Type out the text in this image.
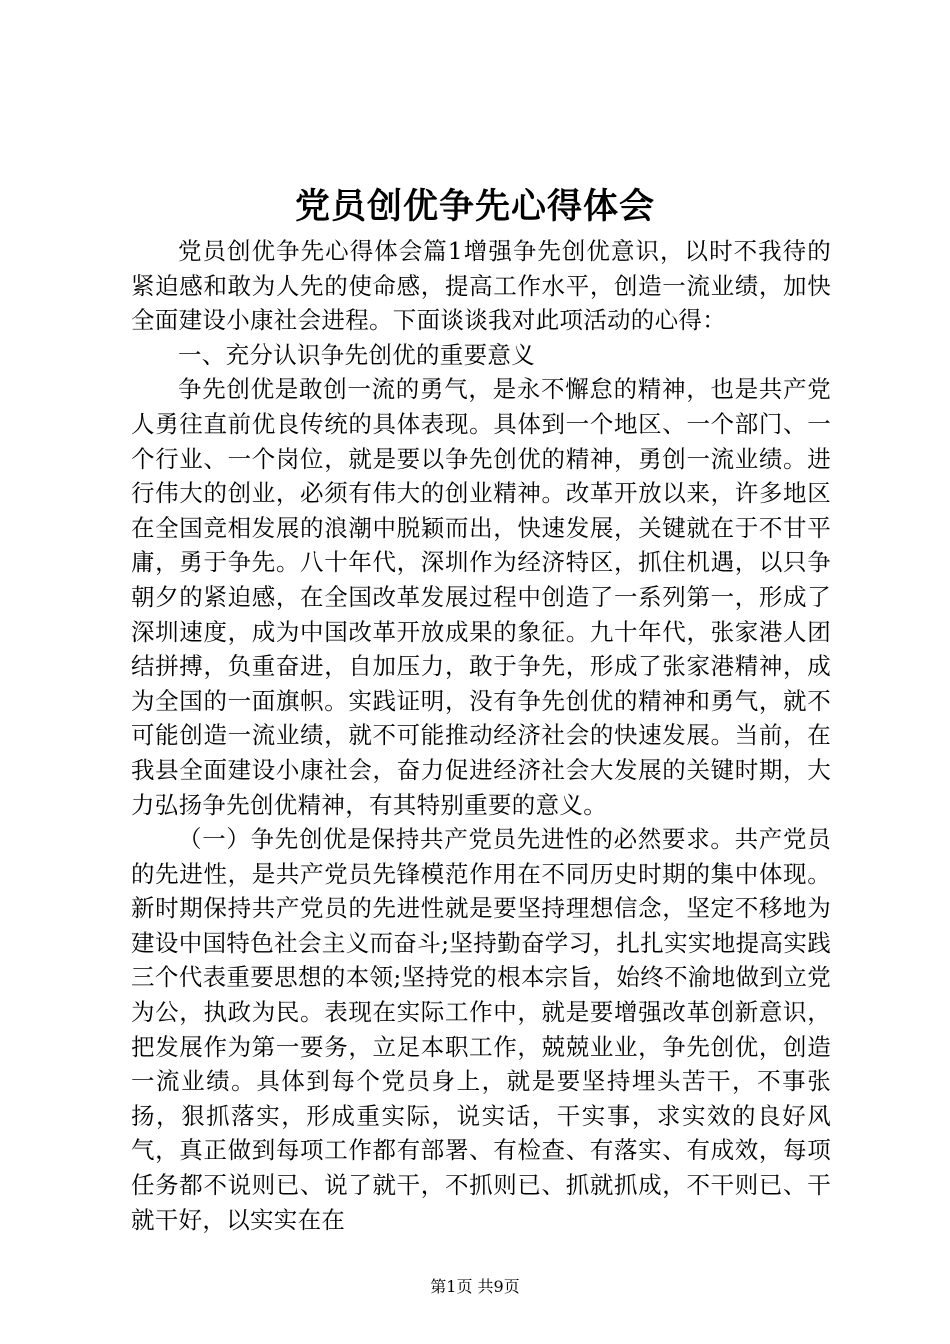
党员创优争先心得体会

党员创优争先心得体会篇1增强争先创优意识，以时不我待的紧迫感和敢为人先的使命感，提高工作水平，创造一流业绩，加快全面建设小康社会进程。下面谈谈我对此项活动的心得：

一、充分认识争先创优的重要意义

争先创优是敢创一流的勇气，是永不懈怠的精神，也是共产党人勇往直前优良传统的具体表现。具体到一个地区、一个部门、一个行业、一个岗位，就是要以争先创优的精神，勇创一流业绩。进行伟大的创业，必须有伟大的创业精神。改革开放以来，许多地区在全国竞相发展的浪潮中脱颖而出，快速发展，关键就在于不甘平庸，勇于争先。八十年代，深圳作为经济特区，抓住机遇，以只争朝夕的紧迫感，在全国改革发展过程中创造了一系列第一，形成了深圳速度，成为中国改革开放成果的象征。九十年代，张家港人团结拼搏，负重奋进，自加压力，敢于争先，形成了张家港精神，成为全国的一面旗帜。实践证明，没有争先创优的精神和勇气，就不可能创造一流业绩，就不可能推动经济社会的快速发展。当前，在我县全面建设小康社会，奋力促进经济社会大发展的关键时期，大力弘扬争先创优精神，有其特别重要的意义。

（一）争先创优是保持共产党员先进性的必然要求。共产党员的先进性，是共产党员先锋模范作用在不同历史时期的集中体现。新时期保持共产党员的先进性就是要坚持理想信念，坚定不移地为建设中国特色社会主义而奋斗;坚持勤奋学习，扎扎实实地提高实践三个代表重要思想的本领;坚持党的根本宗旨，始终不渝地做到立党为公，执政为民。表现在实际工作中，就是要增强改革创新意识，把发展作为第一要务，立足本职工作，兢兢业业，争先创优，创造一流业绩。具体到每个党员身上，就是要坚持埋头苦干，不事张扬，狠抓落实，形成重实际，说实话，干实事，求实效的良好风气，真正做到每项工作都有部署、有检查、有落实、有成效，每项任务都不说则已、说了就干，不抓则已、抓就抓成，不干则已、干就干好，以实实在在

第1页 共9页
